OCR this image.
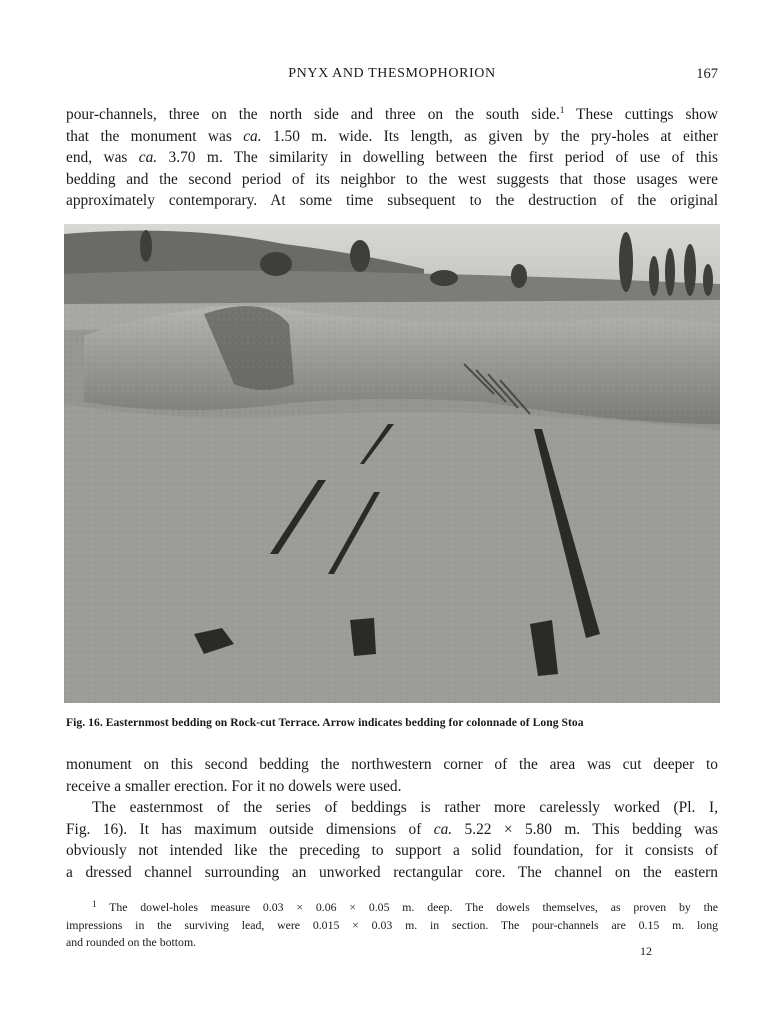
PNYX AND THESMOPHORION	167

pour-channels, three on the north side and three on the south side.$^1$ These cuttings show
that the monument was ca. 1.50 m. wide. Its length, as given by the pry-holes at either
end, was ca. 3.70 m. The similarity in dowelling between the first period of use of this
bedding and the second period of its neighbor to the west suggests that those usages were
approximately contemporary. At some time subsequent to the destruction of the original

Fig. 16. Easternmost bedding on Rock-cut Terrace. Arrow indicates bedding for colonnade of Long Stoa

monument on this second bedding the northwestern corner of the area was cut deeper to
receive a smaller erection. For it no dowels were used.

The easternmost of the series of beddings is rather more carelessly worked (Pl. I,
Fig. 16). It has maximum outside dimensions of ca. 5.22 × 5.80 m. This bedding was
obviously not intended like the preceding to support a solid foundation, for it consists of
a dressed channel surrounding an unworked rectangular core. The channel on the eastern

$^1$ The dowel-holes measure 0.03 × 0.06 × 0.05 m. deep. The dowels themselves, as proven by the
impressions in the surviving lead, were 0.015 × 0.03 m. in section. The pour-channels are 0.15 m. long
and rounded on the bottom.

12
